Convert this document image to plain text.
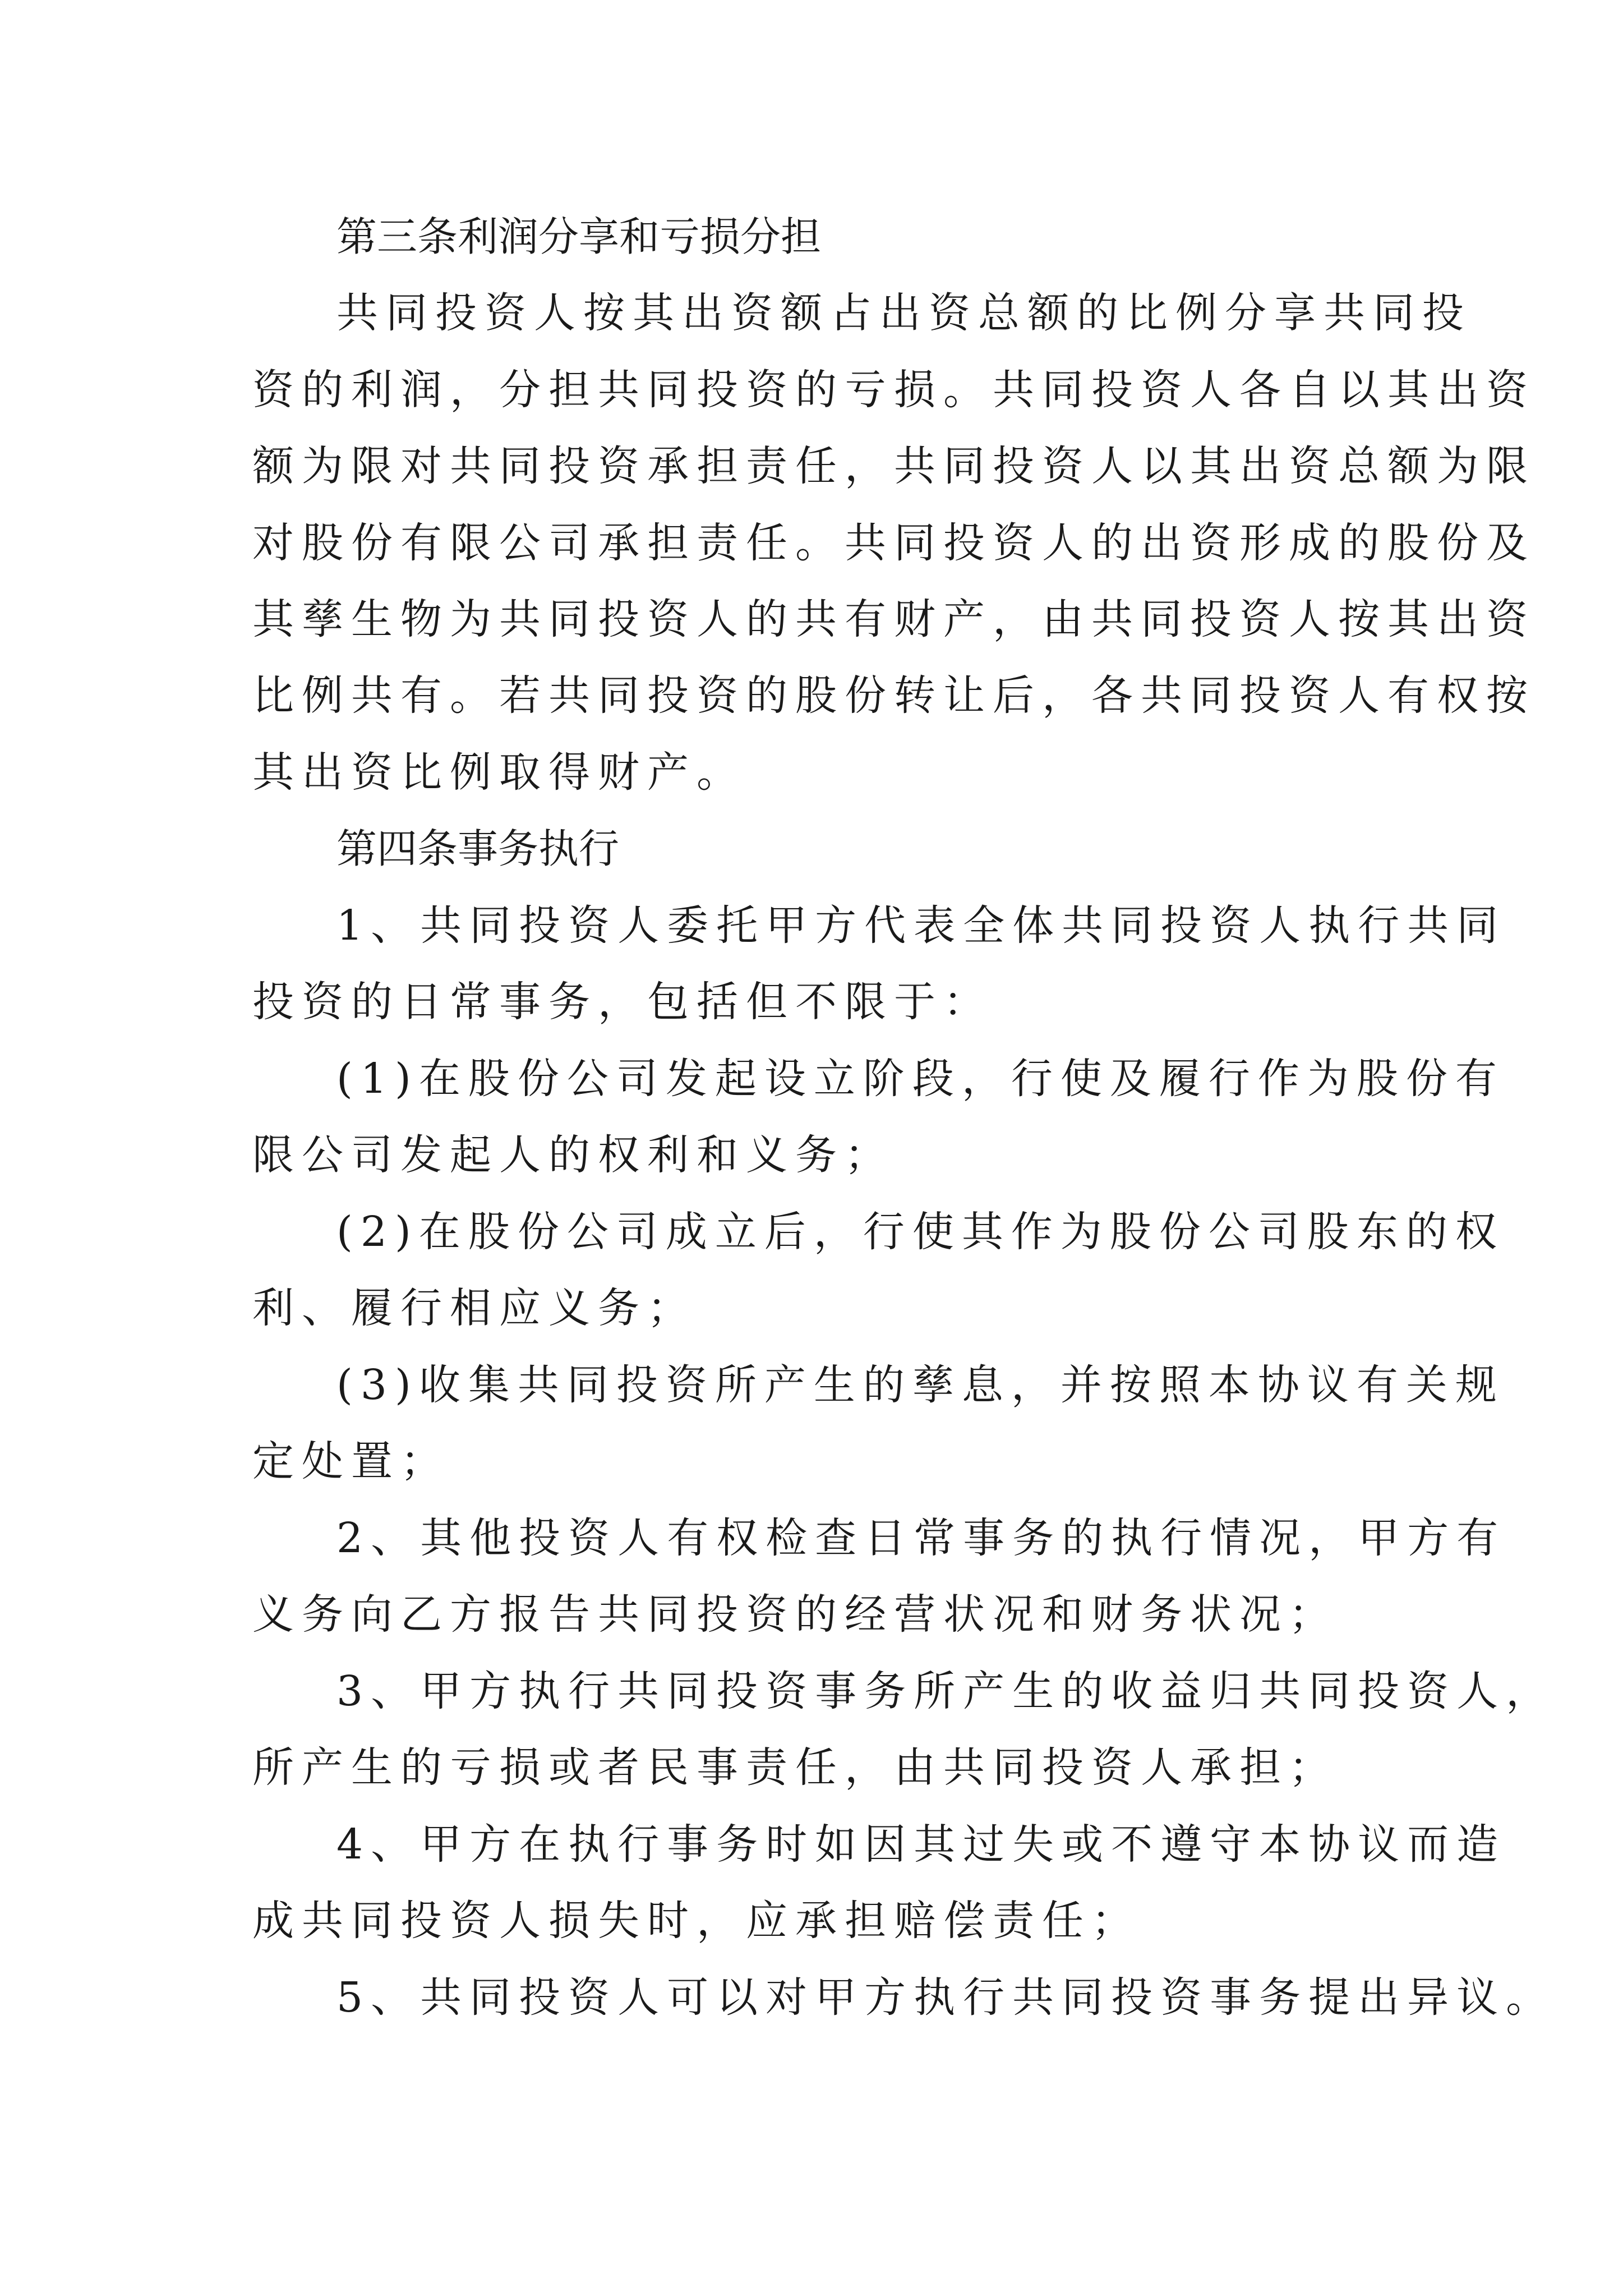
第三条利润分享和亏损分担
共同投资人按其出资额占出资总额的比例分享共同投
资的利润，分担共同投资的亏损。共同投资人各自以其出资
额为限对共同投资承担责任，共同投资人以其出资总额为限
对股份有限公司承担责任。共同投资人的出资形成的股份及
其孳生物为共同投资人的共有财产，由共同投资人按其出资
比例共有。若共同投资的股份转让后，各共同投资人有权按
其出资比例取得财产。
第四条事务执行
1、共同投资人委托甲方代表全体共同投资人执行共同
投资的日常事务，包括但不限于：
(1)在股份公司发起设立阶段，行使及履行作为股份有
限公司发起人的权利和义务；
(2)在股份公司成立后，行使其作为股份公司股东的权
利、履行相应义务；
(3)收集共同投资所产生的孳息，并按照本协议有关规
定处置；
2、其他投资人有权检查日常事务的执行情况，甲方有
义务向乙方报告共同投资的经营状况和财务状况；
3、甲方执行共同投资事务所产生的收益归共同投资人，
所产生的亏损或者民事责任，由共同投资人承担；
4、甲方在执行事务时如因其过失或不遵守本协议而造
成共同投资人损失时，应承担赔偿责任；
5、共同投资人可以对甲方执行共同投资事务提出异议。
